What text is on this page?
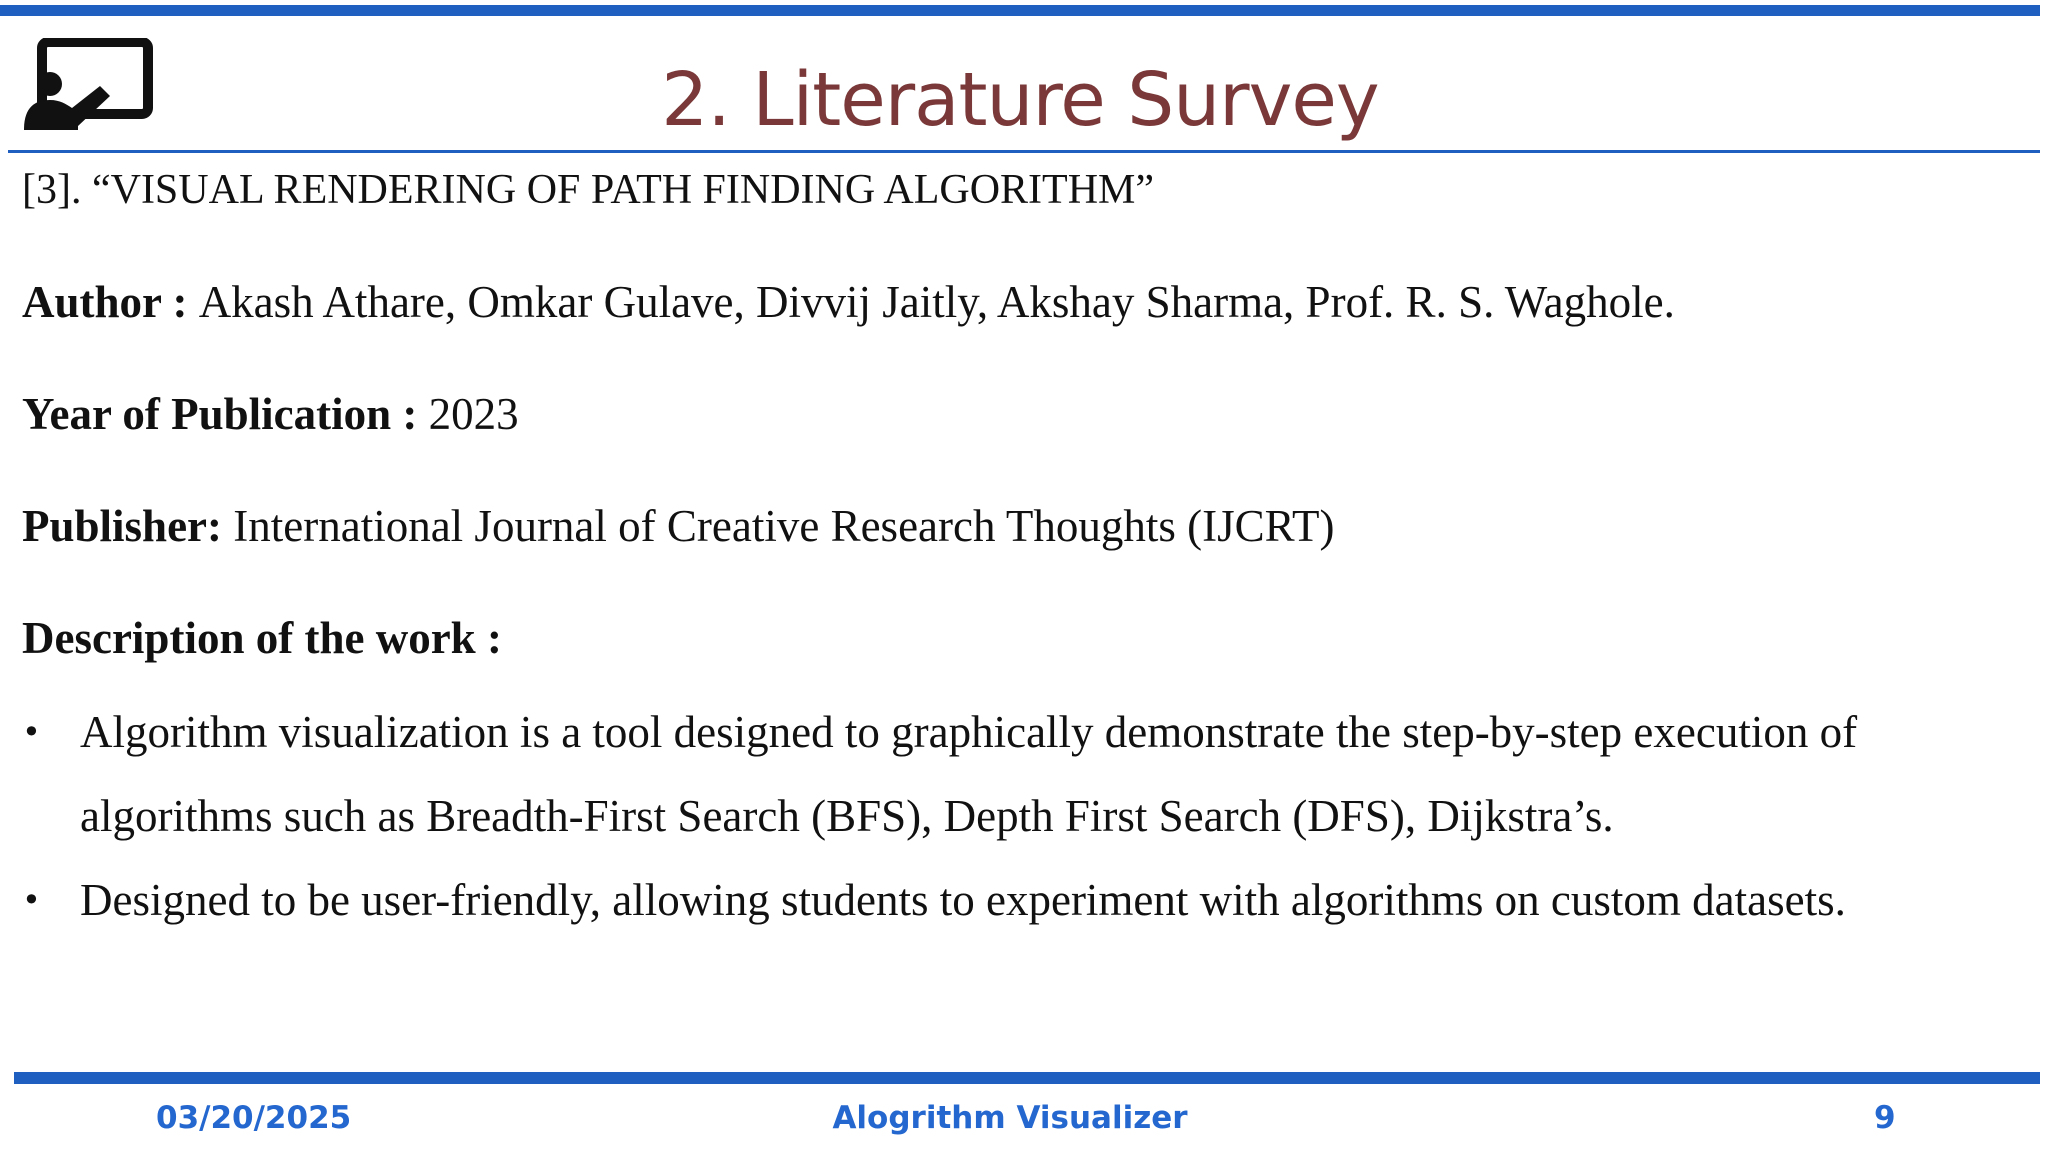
2. Literature Survey
[3]. “VISUAL RENDERING OF PATH FINDING ALGORITHM”
Author : Akash Athare, Omkar Gulave, Divvij Jaitly, Akshay Sharma, Prof. R. S. Waghole.
Year of Publication : 2023
Publisher: International Journal of Creative Research Thoughts (IJCRT)
Description of the work :
• Algorithm visualization is a tool designed to graphically demonstrate the step-by-step execution of algorithms such as Breadth-First Search (BFS), Depth First Search (DFS), Dijkstra’s.
• Designed to be user-friendly, allowing students to experiment with algorithms on custom datasets.
03/20/2025	Alogrithm Visualizer	9
